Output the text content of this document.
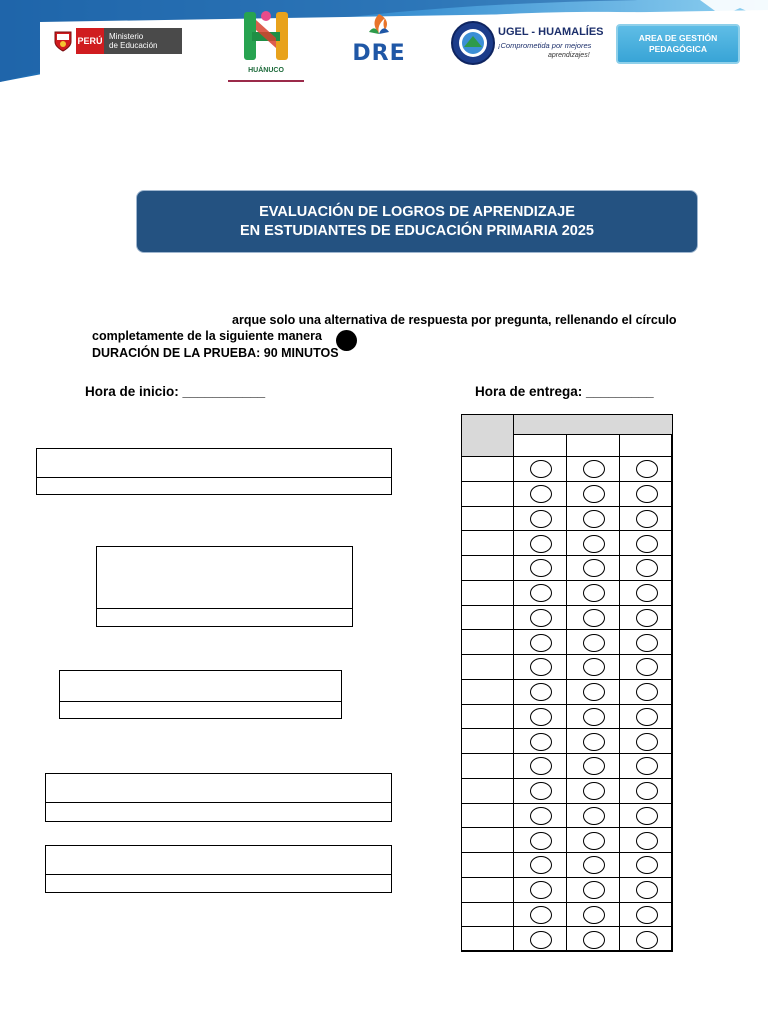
PERÚ Ministerio
de Educación
HUÁNUCO
DRE
UGEL - HUAMALÍES
¡Comprometida por mejores
aprendizajes!
AREA DE GESTIÓN
PEDAGÓGICA
EVALUACIÓN DE LOGROS DE APRENDIZAJE
EN ESTUDIANTES DE EDUCACIÓN PRIMARIA 2025
arque solo una alternativa de respuesta por pregunta, rellenando el círculo
completamente de la siguiente manera
DURACIÓN DE LA PRUEBA: 90 MINUTOS
Hora de inicio: ___________	Hora de entrega: _________
